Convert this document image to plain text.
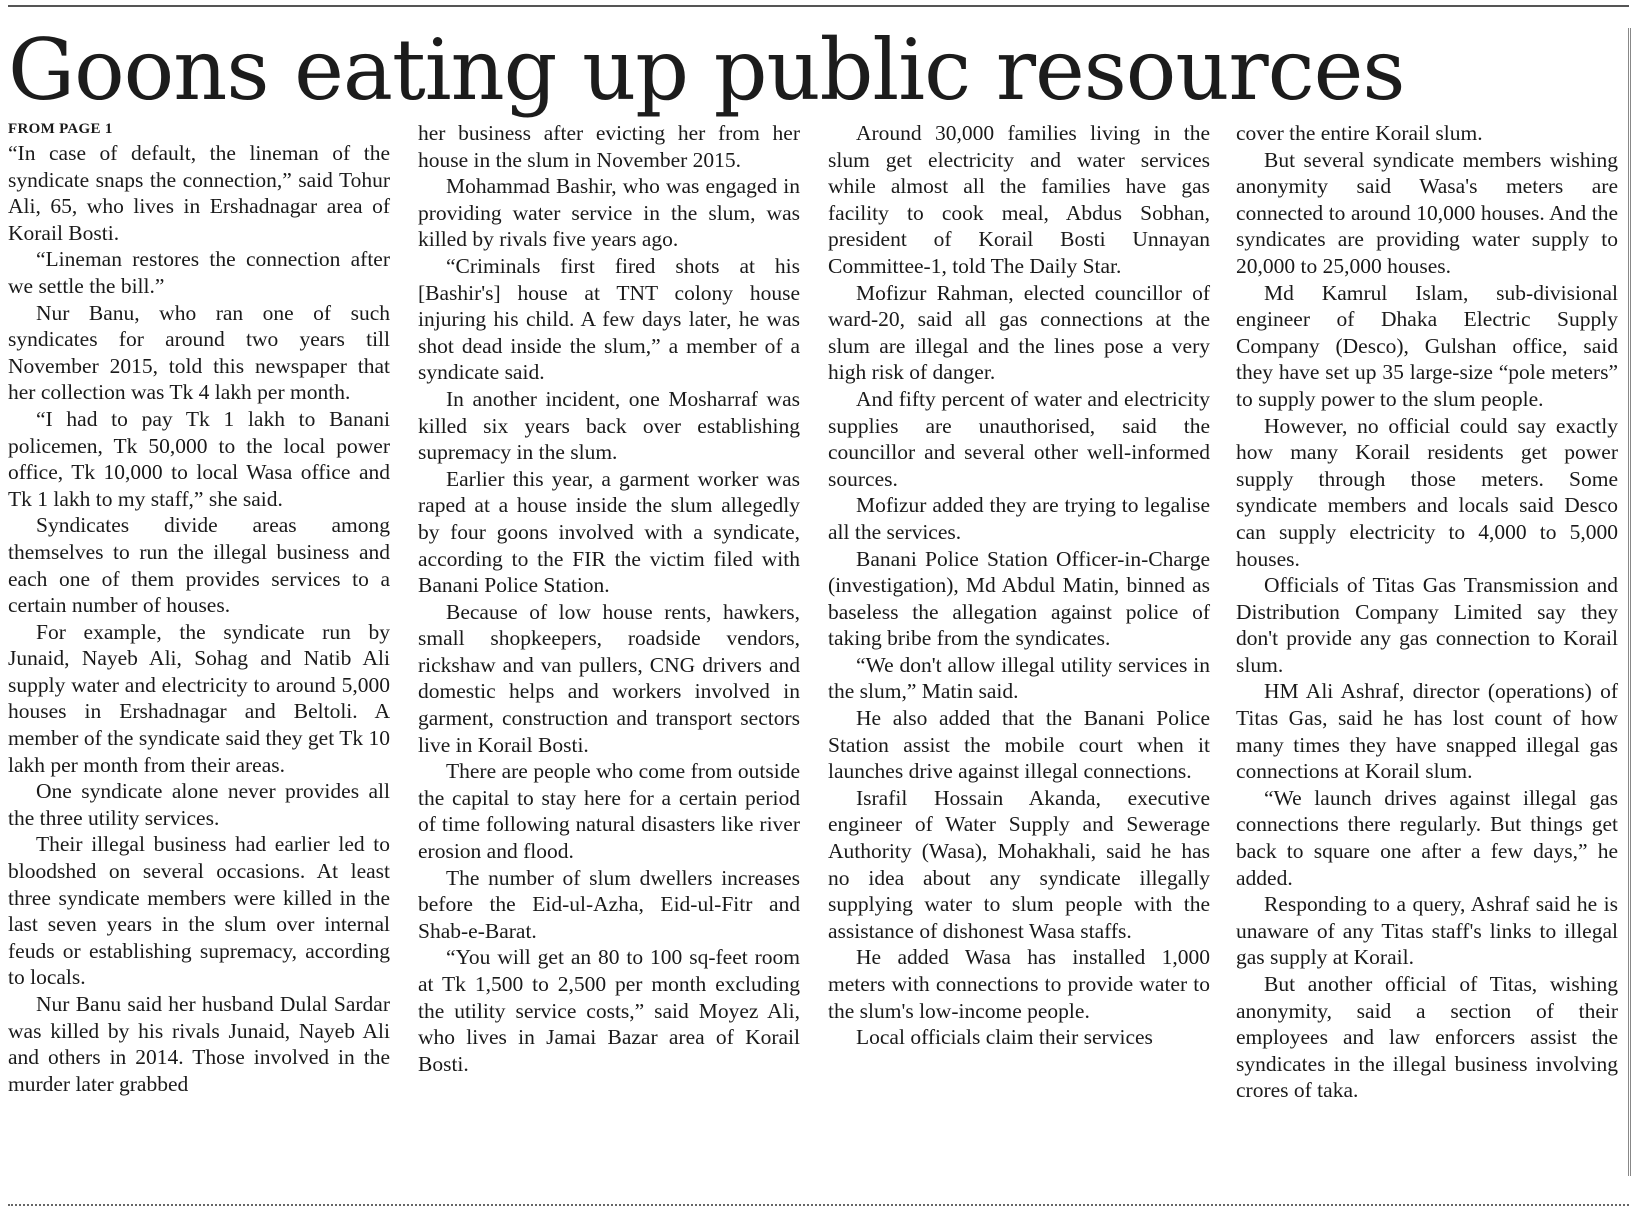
Goons eating up public resources

FROM PAGE 1

“In case of default, the lineman of the syndicate snaps the connection,” said Tohur Ali, 65, who lives in Ershadnagar area of Korail Bosti.

“Lineman restores the connection after we settle the bill.”

Nur Banu, who ran one of such syndicates for around two years till November 2015, told this newspaper that her collection was Tk 4 lakh per month.

“I had to pay Tk 1 lakh to Banani policemen, Tk 50,000 to the local power office, Tk 10,000 to local Wasa office and Tk 1 lakh to my staff,” she said.

Syndicates divide areas among themselves to run the illegal business and each one of them provides services to a certain number of houses.

For example, the syndicate run by Junaid, Nayeb Ali, Sohag and Natib Ali supply water and electricity to around 5,000 houses in Ershadnagar and Beltoli. A member of the syndicate said they get Tk 10 lakh per month from their areas.

One syndicate alone never provides all the three utility services.

Their illegal business had earlier led to bloodshed on several occasions. At least three syndicate members were killed in the last seven years in the slum over internal feuds or establishing supremacy, according to locals.

Nur Banu said her husband Dulal Sardar was killed by his rivals Junaid, Nayeb Ali and others in 2014. Those involved in the murder later grabbed

her business after evicting her from her house in the slum in November 2015.

Mohammad Bashir, who was engaged in providing water service in the slum, was killed by rivals five years ago.

“Criminals first fired shots at his [Bashir's] house at TNT colony house injuring his child. A few days later, he was shot dead inside the slum,” a member of a syndicate said.

In another incident, one Mosharraf was killed six years back over establishing supremacy in the slum.

Earlier this year, a garment worker was raped at a house inside the slum allegedly by four goons involved with a syndicate, according to the FIR the victim filed with Banani Police Station.

Because of low house rents, hawkers, small shopkeepers, roadside vendors, rickshaw and van pullers, CNG drivers and domestic helps and workers involved in garment, construction and transport sectors live in Korail Bosti.

There are people who come from outside the capital to stay here for a certain period of time following natural disasters like river erosion and flood.

The number of slum dwellers increases before the Eid-ul-Azha, Eid-ul-Fitr and Shab-e-Barat.

“You will get an 80 to 100 sq-feet room at Tk 1,500 to 2,500 per month excluding the utility service costs,” said Moyez Ali, who lives in Jamai Bazar area of Korail Bosti.

Around 30,000 families living in the slum get electricity and water services while almost all the families have gas facility to cook meal, Abdus Sobhan, president of Korail Bosti Unnayan Committee-1, told The Daily Star.

Mofizur Rahman, elected councillor of ward-20, said all gas connections at the slum are illegal and the lines pose a very high risk of danger.

And fifty percent of water and electricity supplies are unauthorised, said the councillor and several other well-informed sources.

Mofizur added they are trying to legalise all the services.

Banani Police Station Officer-in-Charge (investigation), Md Abdul Matin, binned as baseless the allegation against police of taking bribe from the syndicates.

“We don't allow illegal utility services in the slum,” Matin said.

He also added that the Banani Police Station assist the mobile court when it launches drive against illegal connections.

Israfil Hossain Akanda, executive engineer of Water Supply and Sewerage Authority (Wasa), Mohakhali, said he has no idea about any syndicate illegally supplying water to slum people with the assistance of dishonest Wasa staffs.

He added Wasa has installed 1,000 meters with connections to provide water to the slum's low-income people.

Local officials claim their services

cover the entire Korail slum.

But several syndicate members wishing anonymity said Wasa's meters are connected to around 10,000 houses. And the syndicates are providing water supply to 20,000 to 25,000 houses.

Md Kamrul Islam, sub-divisional engineer of Dhaka Electric Supply Company (Desco), Gulshan office, said they have set up 35 large-size “pole meters” to supply power to the slum people.

However, no official could say exactly how many Korail residents get power supply through those meters. Some syndicate members and locals said Desco can supply electricity to 4,000 to 5,000 houses.

Officials of Titas Gas Transmission and Distribution Company Limited say they don't provide any gas connection to Korail slum.

HM Ali Ashraf, director (operations) of Titas Gas, said he has lost count of how many times they have snapped illegal gas connections at Korail slum.

“We launch drives against illegal gas connections there regularly. But things get back to square one after a few days,” he added.

Responding to a query, Ashraf said he is unaware of any Titas staff's links to illegal gas supply at Korail.

But another official of Titas, wishing anonymity, said a section of their employees and law enforcers assist the syndicates in the illegal business involving crores of taka.
